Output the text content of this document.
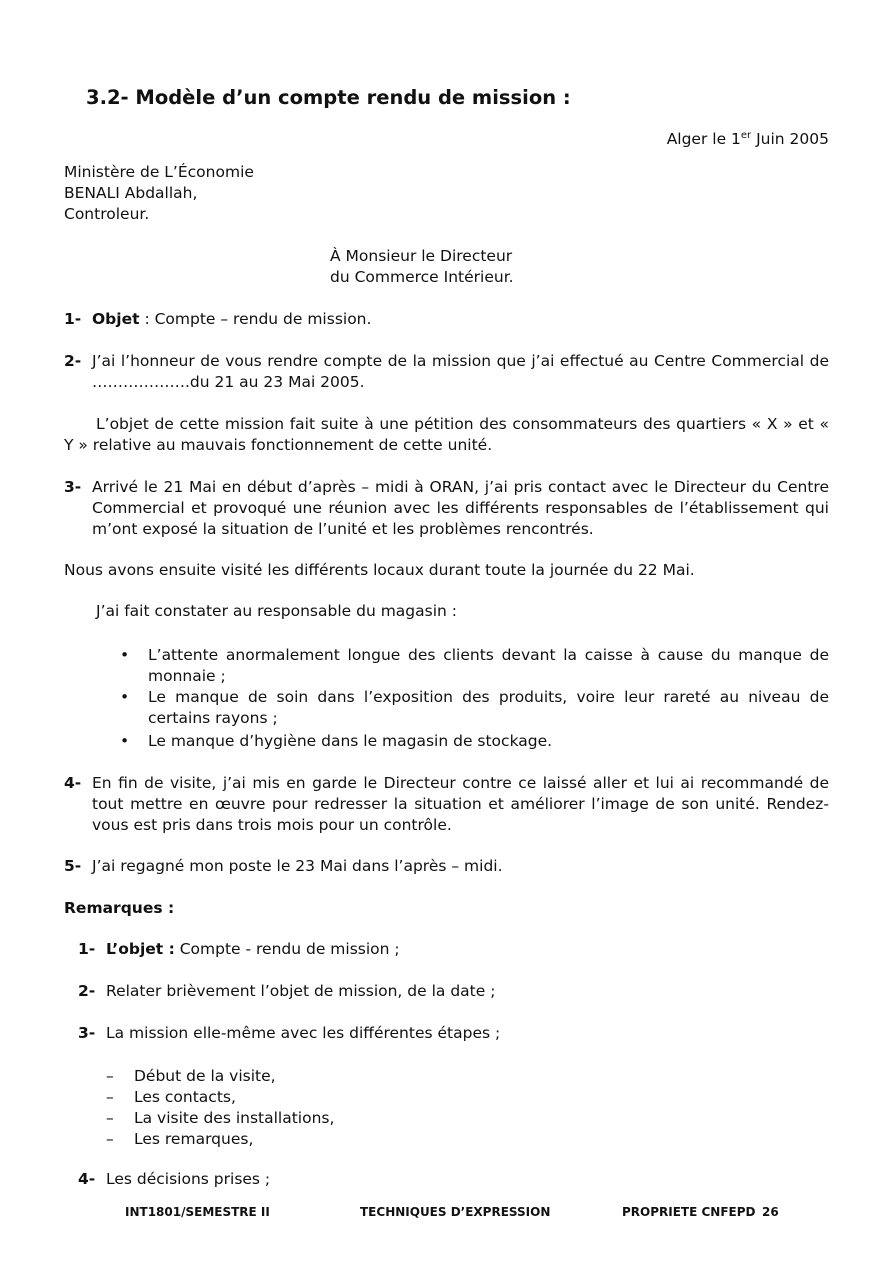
3.2- Modèle d’un compte rendu de mission :
Alger le 1er Juin 2005
Ministère de L’Économie
BENALI Abdallah,
Controleur.
À Monsieur le Directeur
du Commerce Intérieur.
1- Objet : Compte – rendu de mission.
2- J’ai l’honneur de vous rendre compte de la mission que j’ai effectué au Centre Commercial de ……………….du 21 au 23 Mai 2005.
L’objet de cette mission fait suite à une pétition des consommateurs des quartiers « X » et « Y » relative au mauvais fonctionnement de cette unité.
3- Arrivé le 21 Mai en début d’après – midi à ORAN, j’ai pris contact avec le Directeur du Centre Commercial et provoqué une réunion avec les différents responsables de l’établissement qui m’ont exposé la situation de l’unité et les problèmes rencontrés.
Nous avons ensuite visité les différents locaux durant toute la journée du 22 Mai.
J’ai fait constater au responsable du magasin :
• L’attente anormalement longue des clients devant la caisse à cause du manque de monnaie ;
• Le manque de soin dans l’exposition des produits, voire leur rareté au niveau de certains rayons ;
• Le manque d’hygiène dans le magasin de stockage.
4- En fin de visite, j’ai mis en garde le Directeur contre ce laissé aller et lui ai recommandé de tout mettre en œuvre pour redresser la situation et améliorer l’image de son unité. Rendez-vous est pris dans trois mois pour un contrôle.
5- J’ai regagné mon poste le 23 Mai dans l’après – midi.
Remarques :
1- L’objet : Compte - rendu de mission ;
2- Relater brièvement l’objet de mission, de la date ;
3- La mission elle-même avec les différentes étapes ;
– Début de la visite,
– Les contacts,
– La visite des installations,
– Les remarques,
4- Les décisions prises ;
INT1801/SEMESTRE II	TECHNIQUES D’EXPRESSION	PROPRIETE CNFEPD 26
